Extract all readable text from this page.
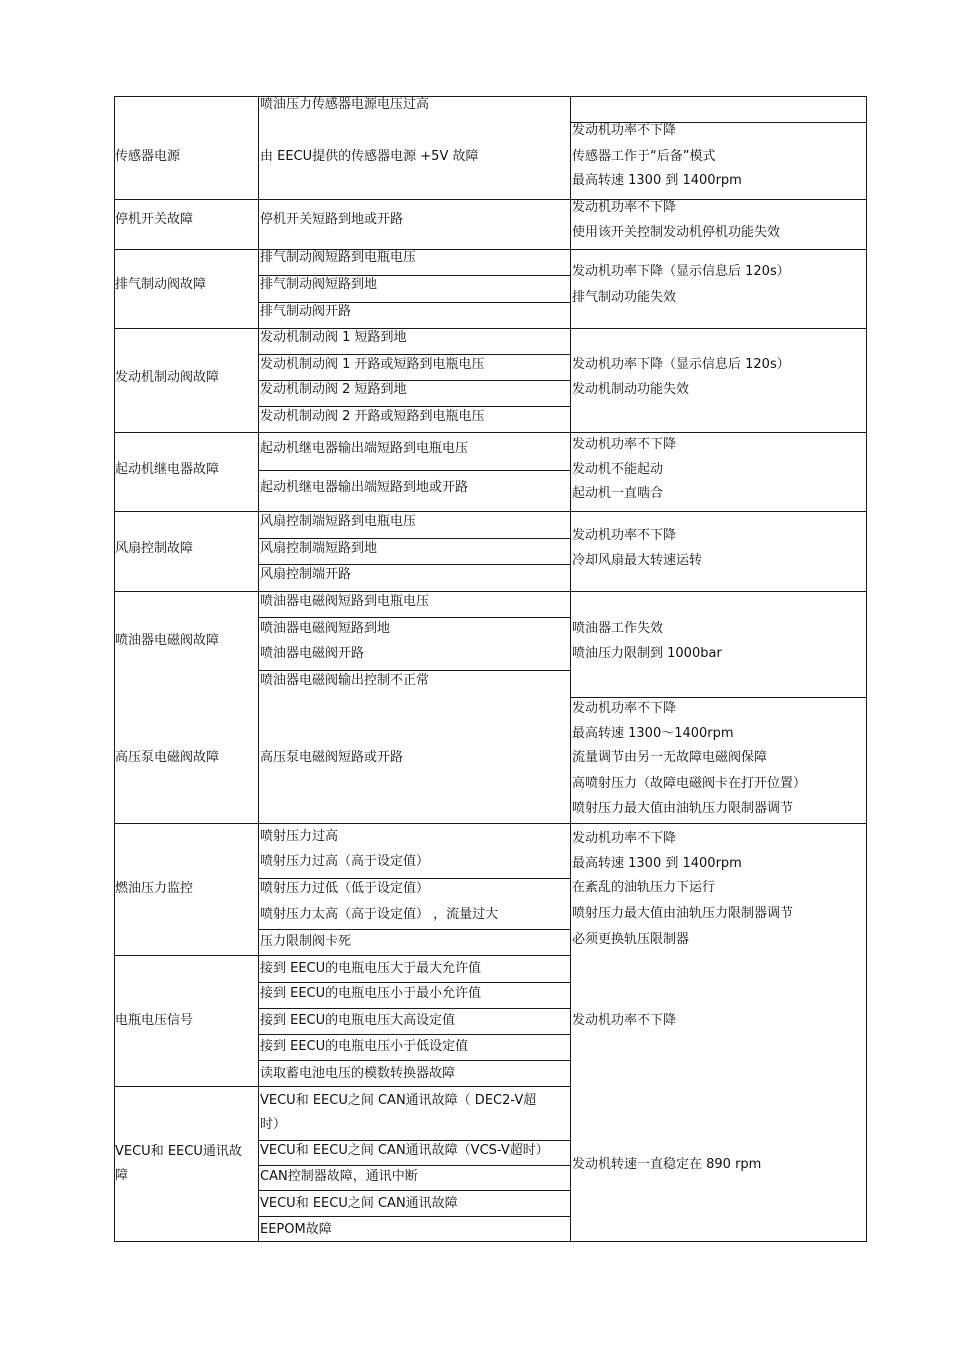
传感器电源
喷油压力传感器电源电压过高
由 EECU提供的传感器电源 +5V 故障
发动机功率不下降
传感器工作于“后备”模式
最高转速 1300 到 1400rpm
停机开关故障	停机开关短路到地或开路
发动机功率不下降
使用该开关控制发动机停机功能失效
排气制动阀故障
排气制动阀短路到电瓶电压
排气制动阀短路到地
排气制动阀开路
发动机功率下降（显示信息后 120s）
排气制动功能失效
发动机制动阀故障
发动机制动阀 1 短路到地
发动机制动阀 1 开路或短路到电瓶电压
发动机制动阀 2 短路到地
发动机制动阀 2 开路或短路到电瓶电压
发动机功率下降（显示信息后 120s）
发动机制动功能失效
起动机继电器故障
起动机继电器输出端短路到电瓶电压
起动机继电器输出端短路到地或开路
发动机功率不下降
发动机不能起动
起动机一直啮合
风扇控制故障
风扇控制端短路到电瓶电压
风扇控制端短路到地
风扇控制端开路
发动机功率不下降
冷却风扇最大转速运转
喷油器电磁阀故障
喷油器电磁阀短路到电瓶电压
喷油器电磁阀短路到地
喷油器电磁阀开路
喷油器电磁阀输出控制不正常
喷油器工作失效
喷油压力限制到 1000bar
高压泵电磁阀故障	高压泵电磁阀短路或开路
发动机功率不下降
最高转速 1300～1400rpm
流量调节由另一无故障电磁阀保障
高喷射压力（故障电磁阀卡在打开位置）
喷射压力最大值由油轨压力限制器调节
燃油压力监控
喷射压力过高
喷射压力过高（高于设定值）
喷射压力过低（低于设定值）
喷射压力太高（高于设定值） ，流量过大
压力限制阀卡死
发动机功率不下降
最高转速 1300 到 1400rpm
在紊乱的油轨压力下运行
喷射压力最大值由油轨压力限制器调节
必须更换轨压限制器
电瓶电压信号
接到 EECU的电瓶电压大于最大允许值
接到 EECU的电瓶电压小于最小允许值
接到 EECU的电瓶电压大高设定值
接到 EECU的电瓶电压小于低设定值
读取蓄电池电压的模数转换器故障
发动机功率不下降
VECU和 EECU通讯故
障
VECU和 EECU之间 CAN通讯故障（ DEC2-V超
时）
VECU和 EECU之间 CAN通讯故障（VCS-V超时）
CAN控制器故障，通讯中断
VECU和 EECU之间 CAN通讯故障
EEPOM故障
发动机转速一直稳定在 890 rpm
